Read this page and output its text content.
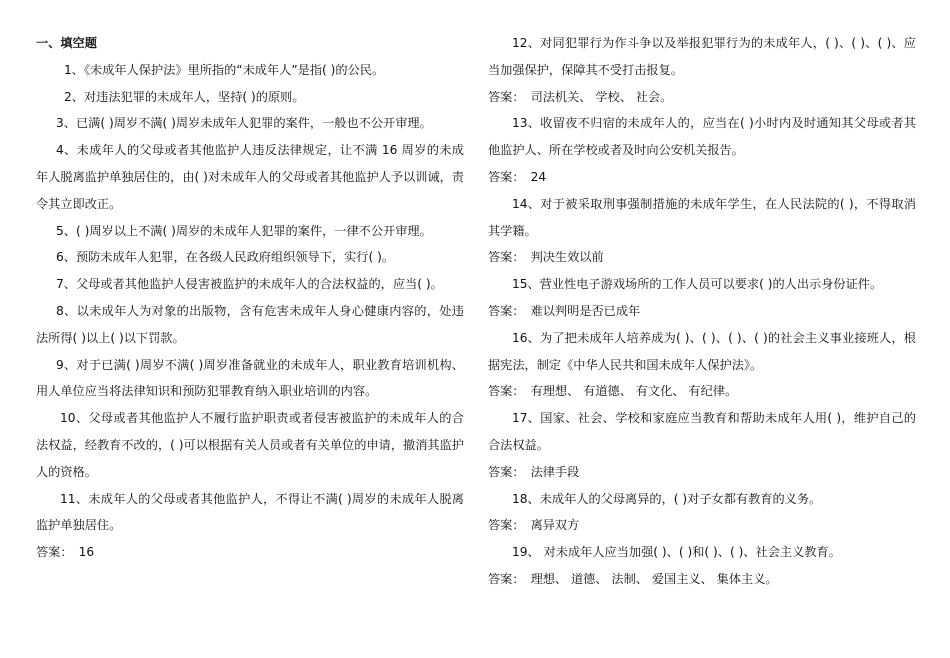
一、填空题

1、《未成年人保护法》里所指的“未成年人”是指( )的公民。

2、对违法犯罪的未成年人，坚持( )的原则。

3、已满( )周岁不满( )周岁未成年人犯罪的案件，一般也不公开审理。

4、未成年人的父母或者其他监护人违反法律规定，让不满 16 周岁的未成年人脱离监护单独居住的，由( )对未成年人的父母或者其他监护人予以训诫，责令其立即改正。

5、( )周岁以上不满( )周岁的未成年人犯罪的案件，一律不公开审理。

6、预防未成年人犯罪，在各级人民政府组织领导下，实行( )。

7、父母或者其他监护人侵害被监护的未成年人的合法权益的，应当( )。

8、以未成年人为对象的出版物，含有危害未成年人身心健康内容的，处违法所得( )以上( )以下罚款。

9、对于已满( )周岁不满( )周岁准备就业的未成年人，职业教育培训机构、用人单位应当将法律知识和预防犯罪教育纳入职业培训的内容。

10、父母或者其他监护人不履行监护职责或者侵害被监护的未成年人的合法权益，经教育不改的，( )可以根据有关人员或者有关单位的申请，撤消其监护人的资格。

11、未成年人的父母或者其他监护人，不得让不满( )周岁的未成年人脱离监护单独居住。

答案： 16

12、对同犯罪行为作斗争以及举报犯罪行为的未成年人，( )、( )、( )、应当加强保护，保障其不受打击报复。

答案： 司法机关、 学校、 社会。

13、收留夜不归宿的未成年人的，应当在( )小时内及时通知其父母或者其他监护人、所在学校或者及时向公安机关报告。

答案： 24

14、对于被采取刑事强制措施的未成年学生，在人民法院的( )，不得取消其学籍。

答案： 判决生效以前

15、营业性电子游戏场所的工作人员可以要求( )的人出示身份证件。

答案： 难以判明是否已成年

16、为了把未成年人培养成为( )、( )、( )、( )的社会主义事业接班人，根据宪法，制定《中华人民共和国未成年人保护法》。

答案： 有理想、 有道德、 有文化、 有纪律。

17、国家、社会、学校和家庭应当教育和帮助未成年人用( )，维护自己的合法权益。

答案： 法律手段

18、未成年人的父母离异的，( )对子女都有教育的义务。

答案： 离异双方

19、 对未成年人应当加强( )、( )和( )、( )、社会主义教育。

答案： 理想、 道德、 法制、 爱国主义、 集体主义。
